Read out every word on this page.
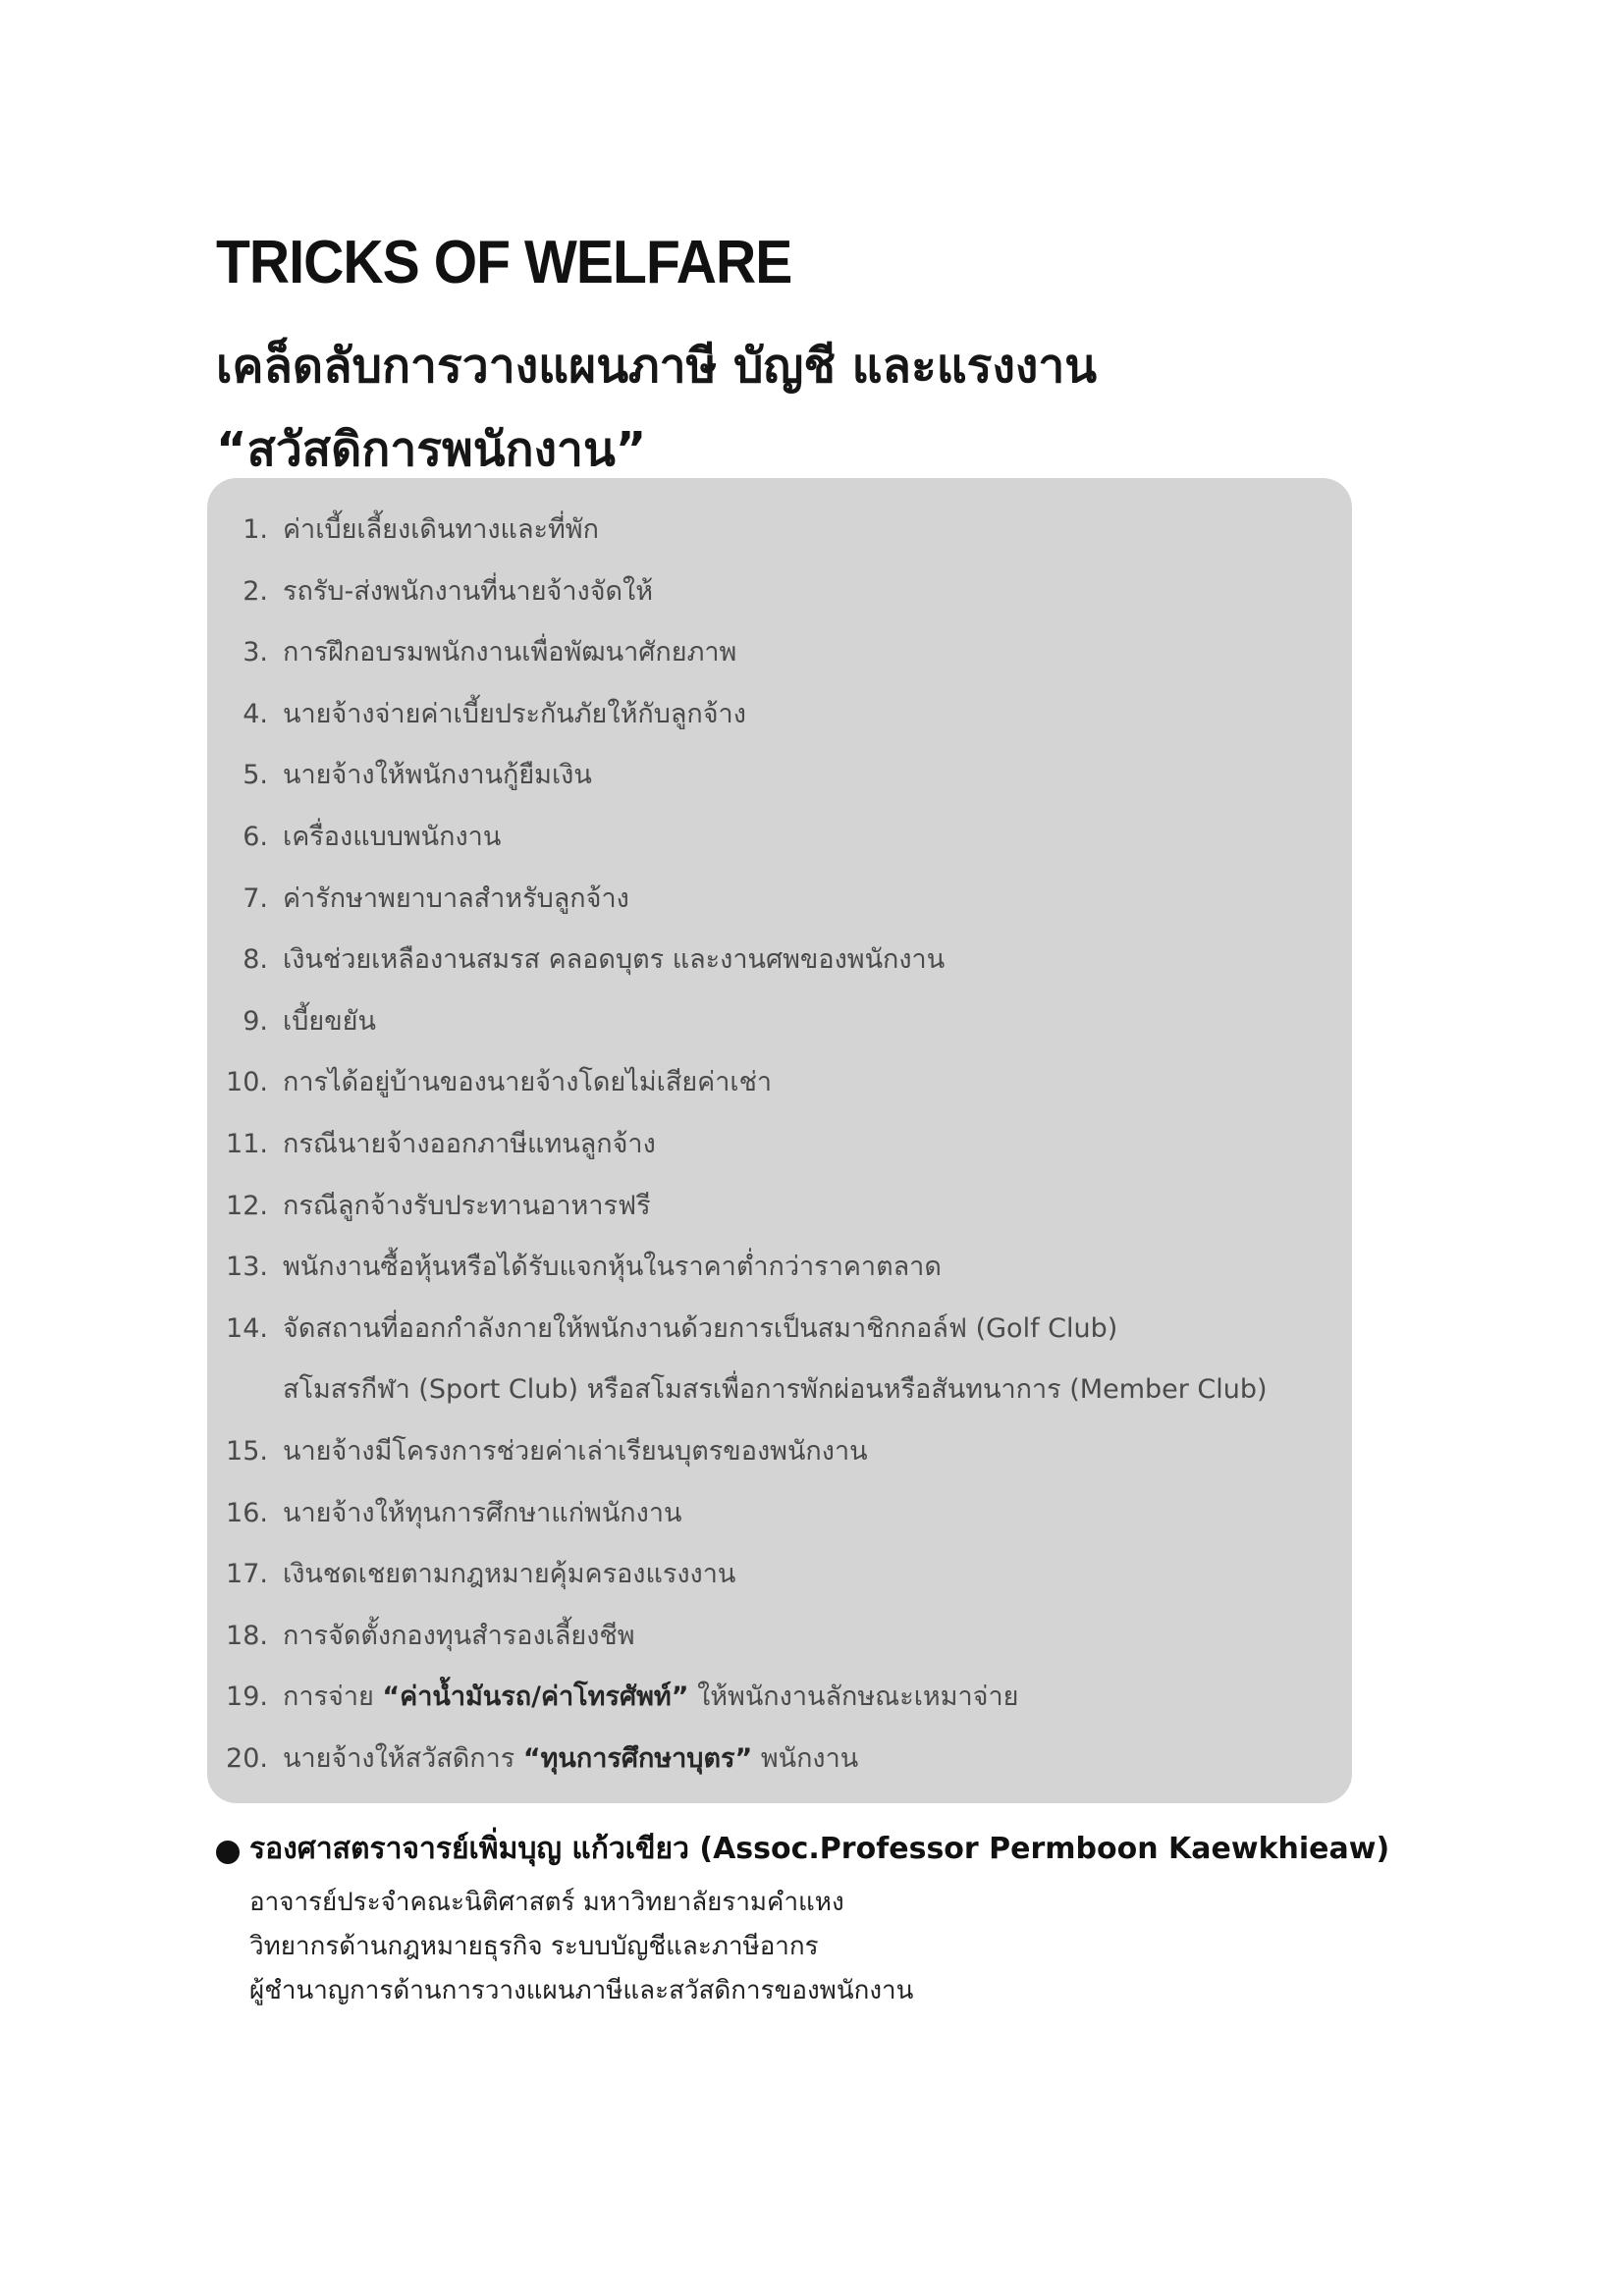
TRICKS OF WELFARE
เคล็ดลับการวางแผนภาษี บัญชี และแรงงาน
“สวัสดิการพนักงาน”
1. ค่าเบี้ยเลี้ยงเดินทางและที่พัก
2. รถรับ-ส่งพนักงานที่นายจ้างจัดให้
3. การฝึกอบรมพนักงานเพื่อพัฒนาศักยภาพ
4. นายจ้างจ่ายค่าเบี้ยประกันภัยให้กับลูกจ้าง
5. นายจ้างให้พนักงานกู้ยืมเงิน
6. เครื่องแบบพนักงาน
7. ค่ารักษาพยาบาลสำหรับลูกจ้าง
8. เงินช่วยเหลืองานสมรส คลอดบุตร และงานศพของพนักงาน
9. เบี้ยขยัน
10. การได้อยู่บ้านของนายจ้างโดยไม่เสียค่าเช่า
11. กรณีนายจ้างออกภาษีแทนลูกจ้าง
12. กรณีลูกจ้างรับประทานอาหารฟรี
13. พนักงานซื้อหุ้นหรือได้รับแจกหุ้นในราคาต่ำกว่าราคาตลาด
14. จัดสถานที่ออกกำลังกายให้พนักงานด้วยการเป็นสมาชิกกอล์ฟ (Golf Club)
สโมสรกีฬา (Sport Club) หรือสโมสรเพื่อการพักผ่อนหรือสันทนาการ (Member Club)
15. นายจ้างมีโครงการช่วยค่าเล่าเรียนบุตรของพนักงาน
16. นายจ้างให้ทุนการศึกษาแก่พนักงาน
17. เงินชดเชยตามกฎหมายคุ้มครองแรงงาน
18. การจัดตั้งกองทุนสำรองเลี้ยงชีพ
19. การจ่าย “ค่าน้ำมันรถ/ค่าโทรศัพท์” ให้พนักงานลักษณะเหมาจ่าย
20. นายจ้างให้สวัสดิการ “ทุนการศึกษาบุตร” พนักงาน

รองศาสตราจารย์เพิ่มบุญ แก้วเขียว (Assoc.Professor Permboon Kaewkhieaw)

อาจารย์ประจำคณะนิติศาสตร์ มหาวิทยาลัยรามคำแหง

วิทยากรด้านกฎหมายธุรกิจ ระบบบัญชีและภาษีอากร

ผู้ชำนาญการด้านการวางแผนภาษีและสวัสดิการของพนักงาน
